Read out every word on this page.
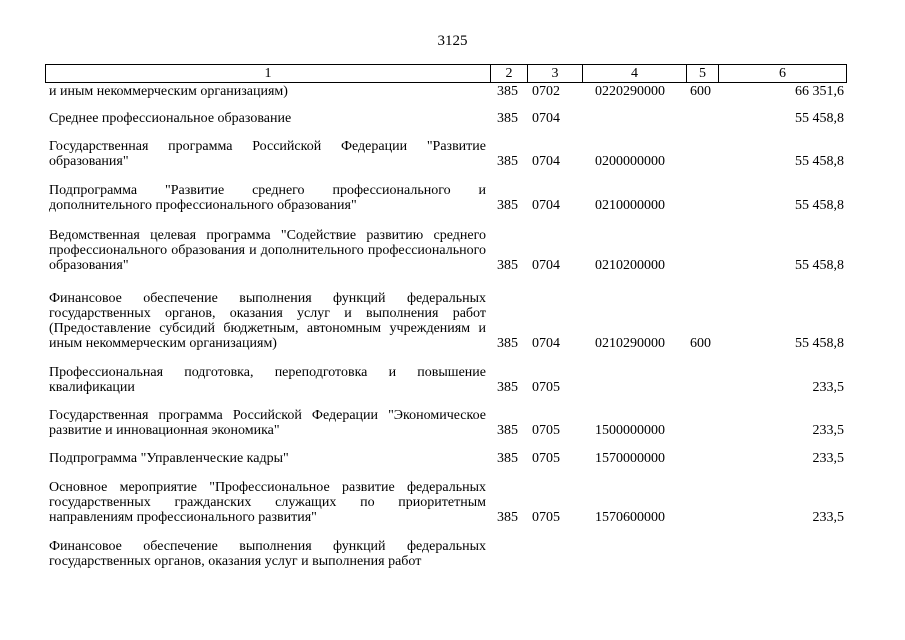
3125
1	2	3	4	5	6
и иным некоммерческим организациям)	385 0702	0220290000 600	66 351,6
Среднее профессиональное образование	385 0704	55 458,8
Государственная программа Российской Федерации "Развитие образования"	385 0704	0200000000	55 458,8
Подпрограмма "Развитие среднего профессионального и дополнительного профессионального образования"	385 0704	0210000000	55 458,8
Ведомственная целевая программа "Содействие развитию среднего профессионального образования и дополнительного профессионального образования"	385 0704	0210200000	55 458,8
Финансовое обеспечение выполнения функций федеральных государственных органов, оказания услуг и выполнения работ (Предоставление субсидий бюджетным, автономным учреждениям и иным некоммерческим организациям)	385 0704	0210290000 600	55 458,8
Профессиональная подготовка, переподготовка и повышение квалификации	385 0705	233,5
Государственная программа Российской Федерации "Экономическое развитие и инновационная экономика"	385 0705	1500000000	233,5
Подпрограмма "Управленческие кадры"	385 0705	1570000000	233,5
Основное мероприятие "Профессиональное развитие федеральных государственных гражданских служащих по приоритетным направлениям профессионального развития"	385 0705	1570600000	233,5
Финансовое обеспечение выполнения функций федеральных государственных органов, оказания услуг и выполнения работ
